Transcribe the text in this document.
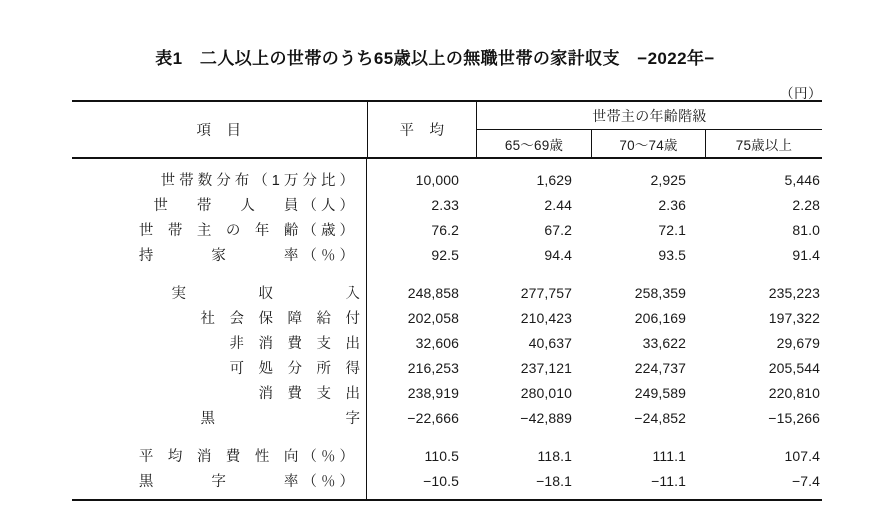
表1　二人以上の世帯のうち65歳以上の無職世帯の家計収支　−2022年−
（円）
項　目	平　均
世帯主の年齢階級
65〜69歳	70〜74歳	75歳以上
世 帯 数 分 布 （ 1 万 分 比 ）	10,000	1,629	2,925	5,446
世　　帯　　人　　員 （ 人 ）	2.33	2.44	2.36	2.28
世　帯　主　の　年　齢 （ 歳 ）	76.2	67.2	72.1	81.0
持　　　　家　　　　率 （ ％ ）	92.5	94.4	93.5	91.4
実　　　　　収　　　　　入	248,858	277,757	258,359	235,223
　社　会　保　障　給　付	202,058	210,423	206,169	197,322
非　消　費　支　出	32,606	40,637	33,622	29,679
可　処　分　所　得	216,253	237,121	224,737	205,544
消　費　支　出	238,919	280,010	249,589	220,810
黒　　　　　　　　　字	−22,666	−42,889	−24,852	−15,266
平　均　消　費　性　向 （ ％ ）	110.5	118.1	111.1	107.4
黒　　　　字　　　　率 （ ％ ）	−10.5	−18.1	−11.1	−7.4
